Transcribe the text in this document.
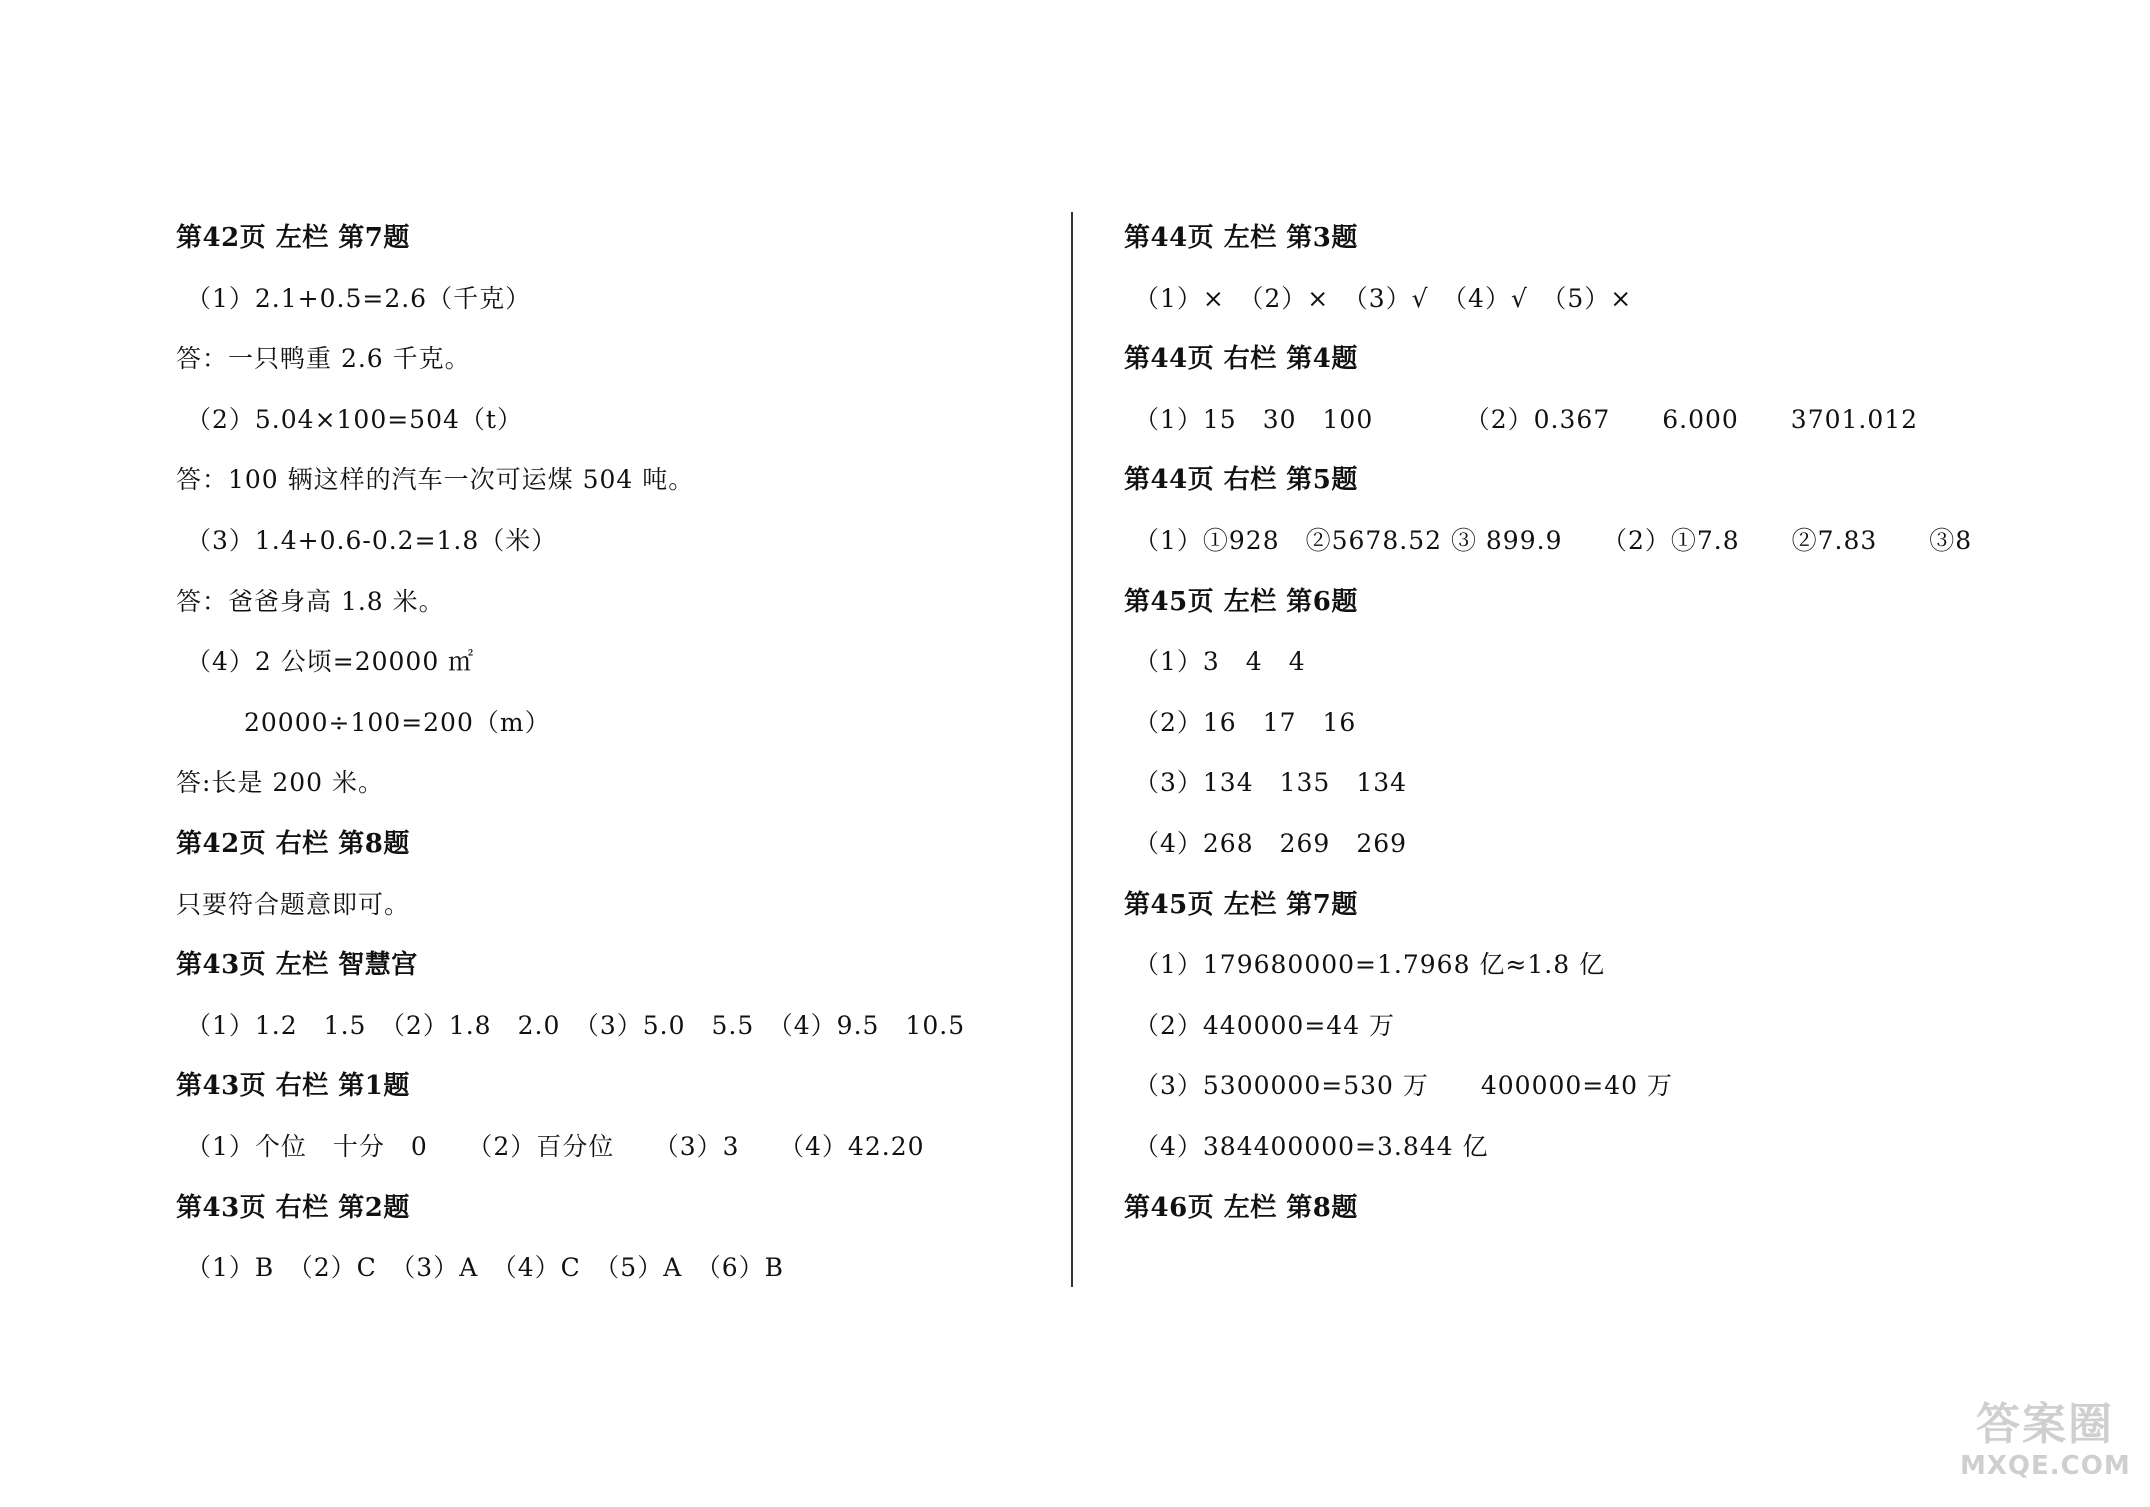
第42页 左栏 第7题
（1）2.1+0.5=2.6（千克）
答：一只鸭重 2.6 千克。
（2）5.04×100=504（t）
答：100 辆这样的汽车一次可运煤 504 吨。
（3）1.4+0.6-0.2=1.8（米）
答：爸爸身高 1.8 米。
（4）2 公顷=20000 ㎡
20000÷100=200（m）
答:长是 200 米。
第42页 右栏 第8题
只要符合题意即可。
第43页 左栏 智慧宫
（1）1.2　1.5　（2）1.8　2.0　（3）5.0　5.5　（4）9.5　10.5
第43页 右栏 第1题
（1）个位　十分　0　　（2）百分位　　（3）3　　（4）42.20
第43页 右栏 第2题
（1）B　（2）C　（3）A　（4）C　（5）A　（6）B
第44页 左栏 第3题
（1）×　（2）×　（3）√　（4）√　（5）×
第44页 右栏 第4题
（1）15　30　100　　　　（2）0.367　　6.000　　3701.012
第44页 右栏 第5题
（1）①928　②5678.52 ③ 899.9　　（2）①7.8　　②7.83　　③8
第45页 左栏 第6题
（1）3　4　4
（2）16　17　16
（3）134　135　134
（4）268　269　269
第45页 左栏 第7题
（1）179680000=1.7968 亿≈1.8 亿
（2）440000=44 万
（3）5300000=530 万　　400000=40 万
（4）384400000=3.844 亿
第46页 左栏 第8题
答案圈
MXQE.COM
